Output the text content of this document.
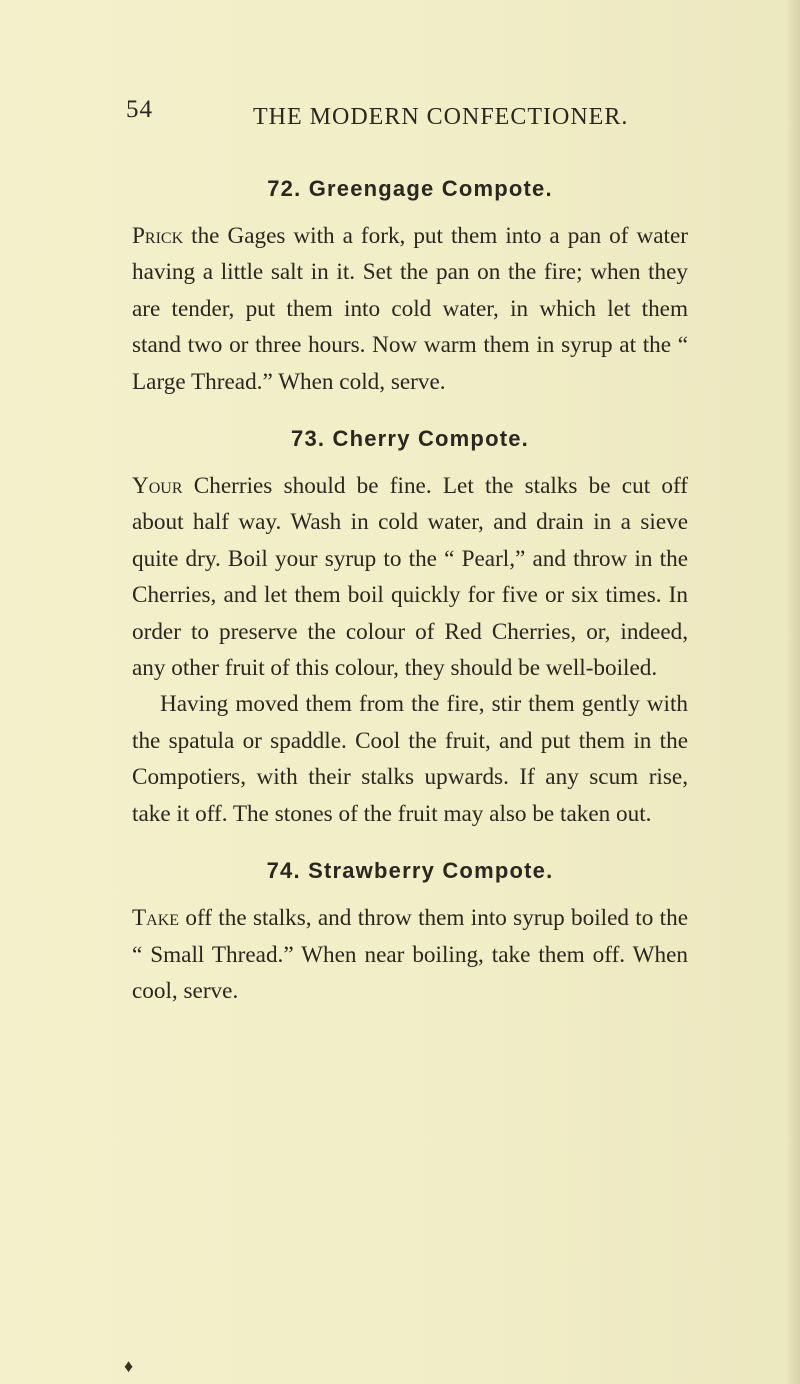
54	THE MODERN CONFECTIONER.
72. Greengage Compote.

Prick the Gages with a fork, put them into a pan of water having a little salt in it. Set the pan on the fire; when they are tender, put them into cold water, in which let them stand two or three hours. Now warm them in syrup at the “ Large Thread.” When cold, serve.

73. Cherry Compote.

Your Cherries should be fine. Let the stalks be cut off about half way. Wash in cold water, and drain in a sieve quite dry. Boil your syrup to the “ Pearl,” and throw in the Cherries, and let them boil quickly for five or six times. In order to preserve the colour of Red Cherries, or, indeed, any other fruit of this colour, they should be well-boiled.

Having moved them from the fire, stir them gently with the spatula or spaddle. Cool the fruit, and put them in the Compotiers, with their stalks upwards. If any scum rise, take it off. The stones of the fruit may also be taken out.

74. Strawberry Compote.

Take off the stalks, and throw them into syrup boiled to the “ Small Thread.” When near boiling, take them off. When cool, serve.

♦
